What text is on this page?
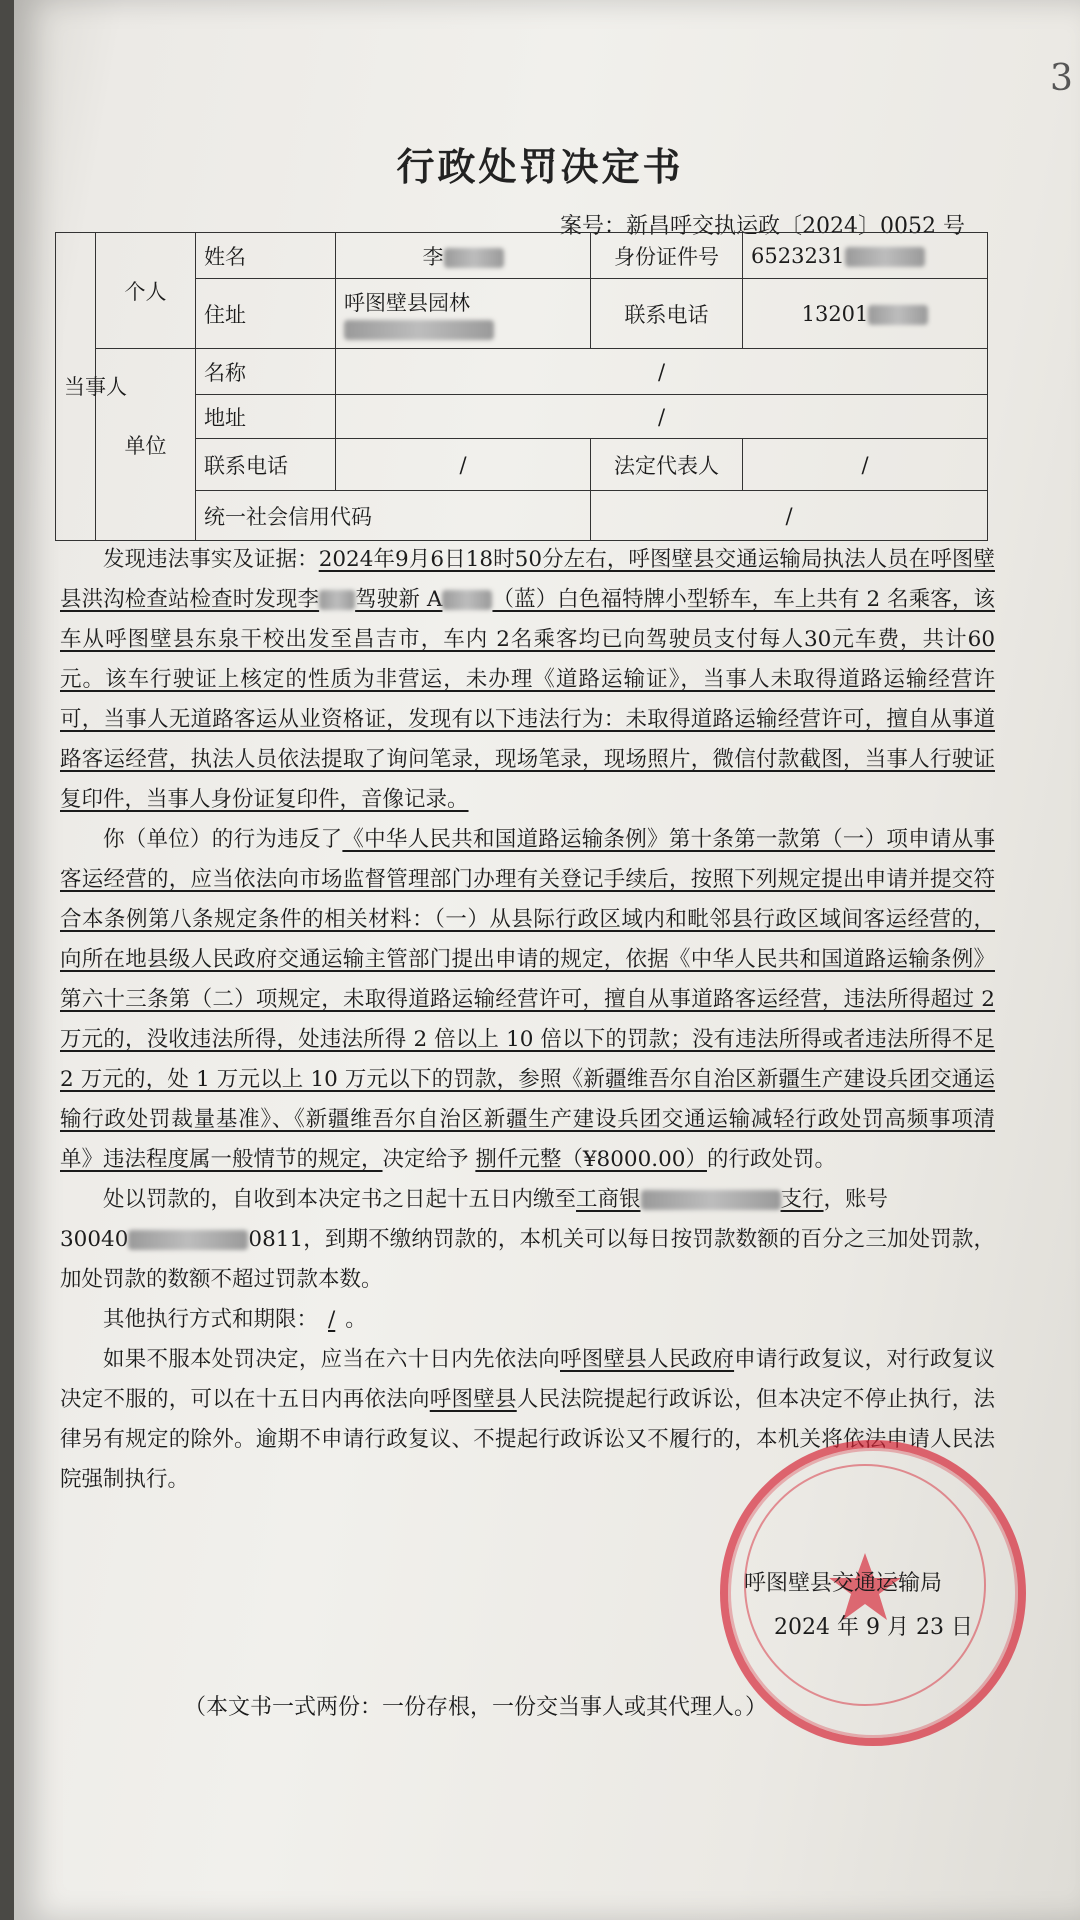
3
行政处罚决定书
案号：新昌呼交执运政〔2024〕0052 号
当事人	个人	姓名	李	身份证件号	6523231
		住址	呼图壁县园林	联系电话	13201

	单位	名称	/		
		地址	/		
		联系电话	/	法定代表人	/
		统一社会信用代码		/	

发现违法事实及证据：2024年9月6日18时50分左右，呼图壁县交通运输局执法人员在呼图壁县洪沟检查站检查时发现李 驾驶新 A （蓝）白色福特牌小型轿车，车上共有 2 名乘客，该车从呼图壁县东泉干校出发至昌吉市，车内 2名乘客均已向驾驶员支付每人30元车费，共计60元。该车行驶证上核定的性质为非营运，未办理《道路运输证》，当事人未取得道路运输经营许可，当事人无道路客运从业资格证，发现有以下违法行为：未取得道路运输经营许可，擅自从事道路客运经营，执法人员依法提取了询问笔录，现场笔录，现场照片，微信付款截图，当事人行驶证复印件，当事人身份证复印件，音像记录。

你（单位）的行为违反了《中华人民共和国道路运输条例》第十条第一款第（一）项申请从事客运经营的，应当依法向市场监督管理部门办理有关登记手续后，按照下列规定提出申请并提交符合本条例第八条规定条件的相关材料：（一）从县际行政区域内和毗邻县行政区域间客运经营的，向所在地县级人民政府交通运输主管部门提出申请的规定，依据《中华人民共和国道路运输条例》第六十三条第（二）项规定，未取得道路运输经营许可，擅自从事道路客运经营，违法所得超过 2 万元的，没收违法所得，处违法所得 2 倍以上 10 倍以下的罚款；没有违法所得或者违法所得不足 2 万元的，处 1 万元以上 10 万元以下的罚款，参照《新疆维吾尔自治区新疆生产建设兵团交通运输行政处罚裁量基准》、《新疆维吾尔自治区新疆生产建设兵团交通运输减轻行政处罚高频事项清单》违法程度属一般情节的规定，决定给予 捌仟元整（¥8000.00）的行政处罚。

处以罚款的，自收到本决定书之日起十五日内缴至工商银	支行，账号
30040	0811，到期不缴纳罚款的，本机关可以每日按罚款数额的百分之三加处罚款，加处罚款的数额不超过罚款本数。

其他执行方式和期限： / 。

如果不服本处罚决定，应当在六十日内先依法向呼图壁县人民政府申请行政复议，对行政复议决定不服的，可以在十五日内再依法向呼图壁县人民法院提起行政诉讼，但本决定不停止执行，法律另有规定的除外。逾期不申请行政复议、不提起行政诉讼又不履行的，本机关将依法申请人民法院强制执行。

呼图壁县交通运输局
2024 年 9 月 23 日
（本文书一式两份：一份存根，一份交当事人或其代理人。）
